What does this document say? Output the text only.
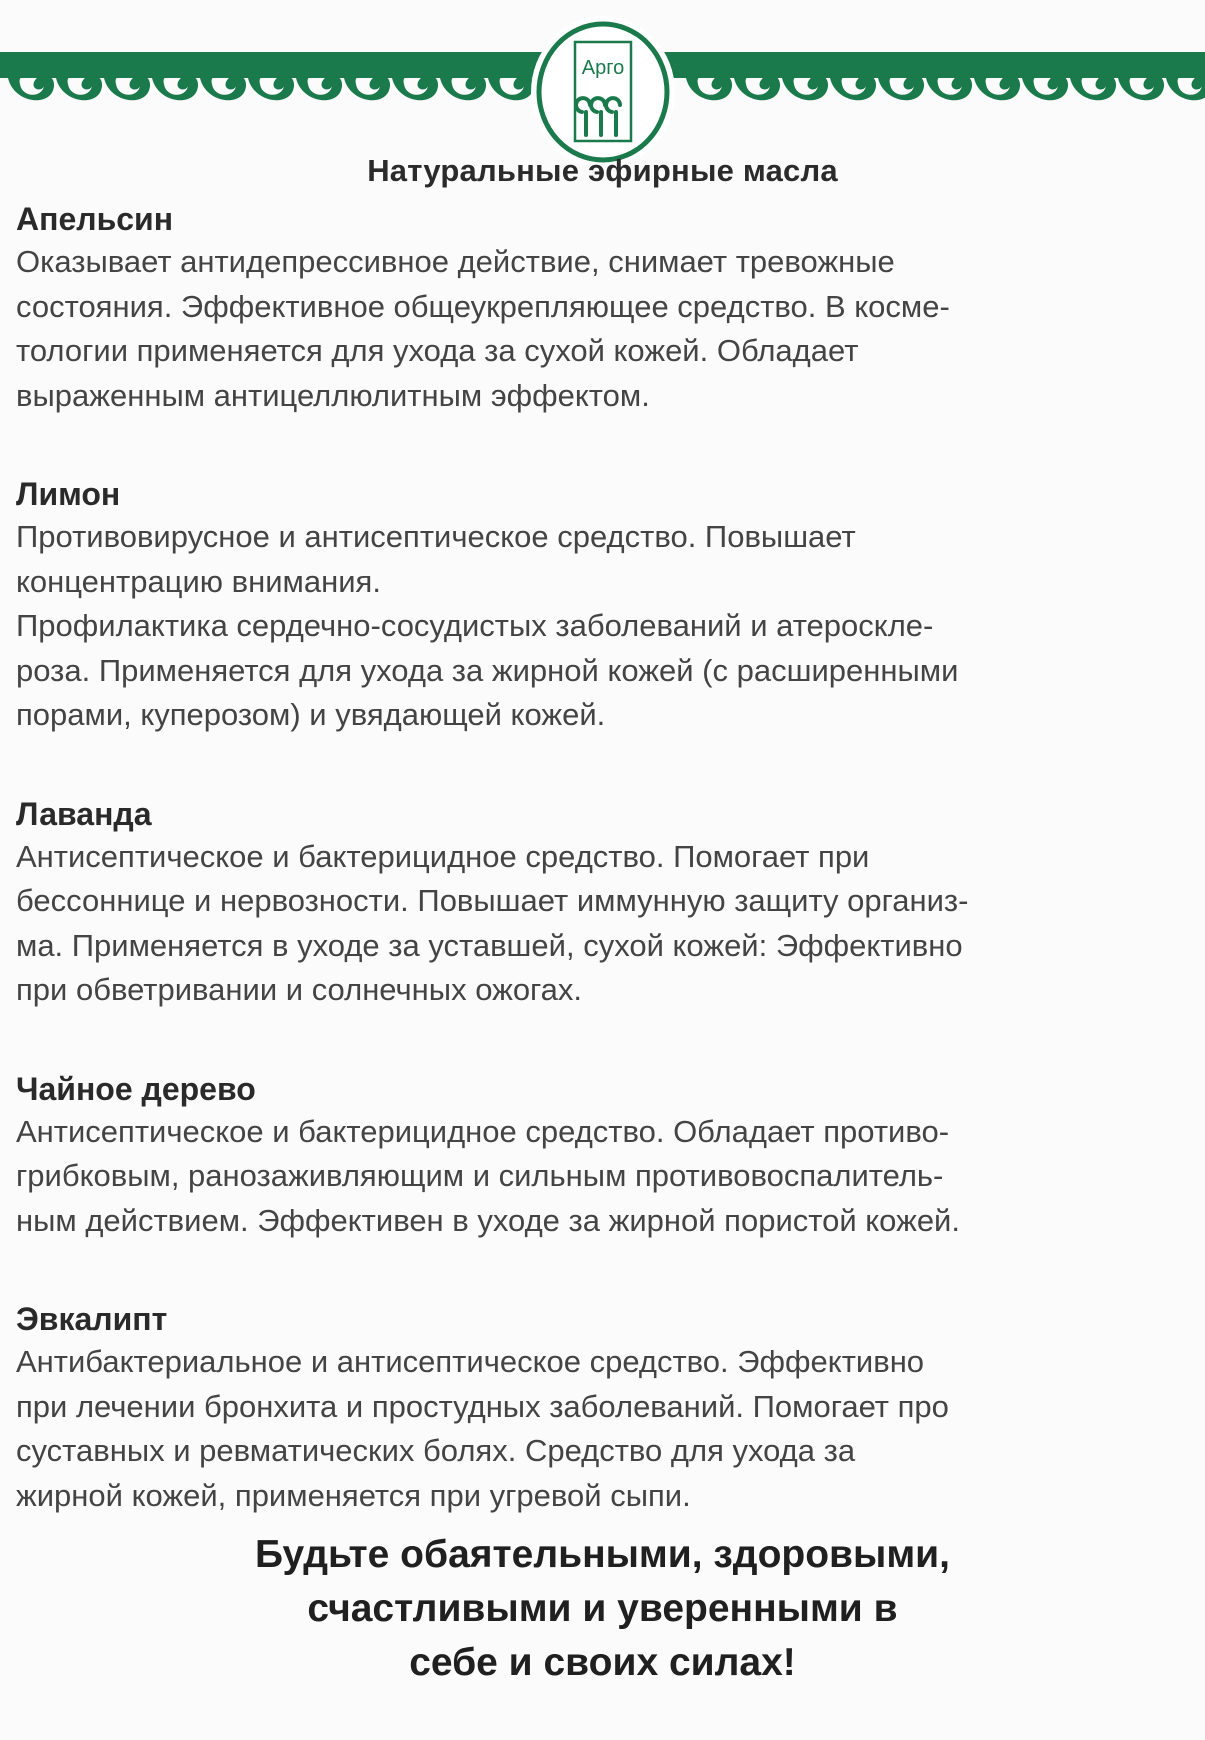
Арго
Натуральные эфирные масла
Апельсин

Оказывает антидепрессивное действие, снимает тревожные
состояния. Эффективное общеукрепляющее средство. В косме-
тологии применяется для ухода за сухой кожей. Обладает
выраженным антицеллюлитным эффектом.

Лимон

Противовирусное и антисептическое средство. Повышает
концентрацию внимания.
Профилактика сердечно-сосудистых заболеваний и атероскле-
роза. Применяется для ухода за жирной кожей (с расширенными
порами, куперозом) и увядающей кожей.

Лаванда

Антисептическое и бактерицидное средство. Помогает при
бессоннице и нервозности. Повышает иммунную защиту организ-
ма. Применяется в уходе за уставшей, сухой кожей: Эффективно
при обветривании и солнечных ожогах.

Чайное дерево

Антисептическое и бактерицидное средство. Обладает противо-
грибковым, ранозаживляющим и сильным противовоспалитель-
ным действием. Эффективен в уходе за жирной пористой кожей.

Эвкалипт

Антибактериальное и антисептическое средство. Эффективно
при лечении бронхита и простудных заболеваний. Помогает про
суставных и ревматических болях. Средство для ухода за
жирной кожей, применяется при угревой сыпи.

Будьте обаятельными, здоровыми,
счастливыми и уверенными в
себе и своих силах!
